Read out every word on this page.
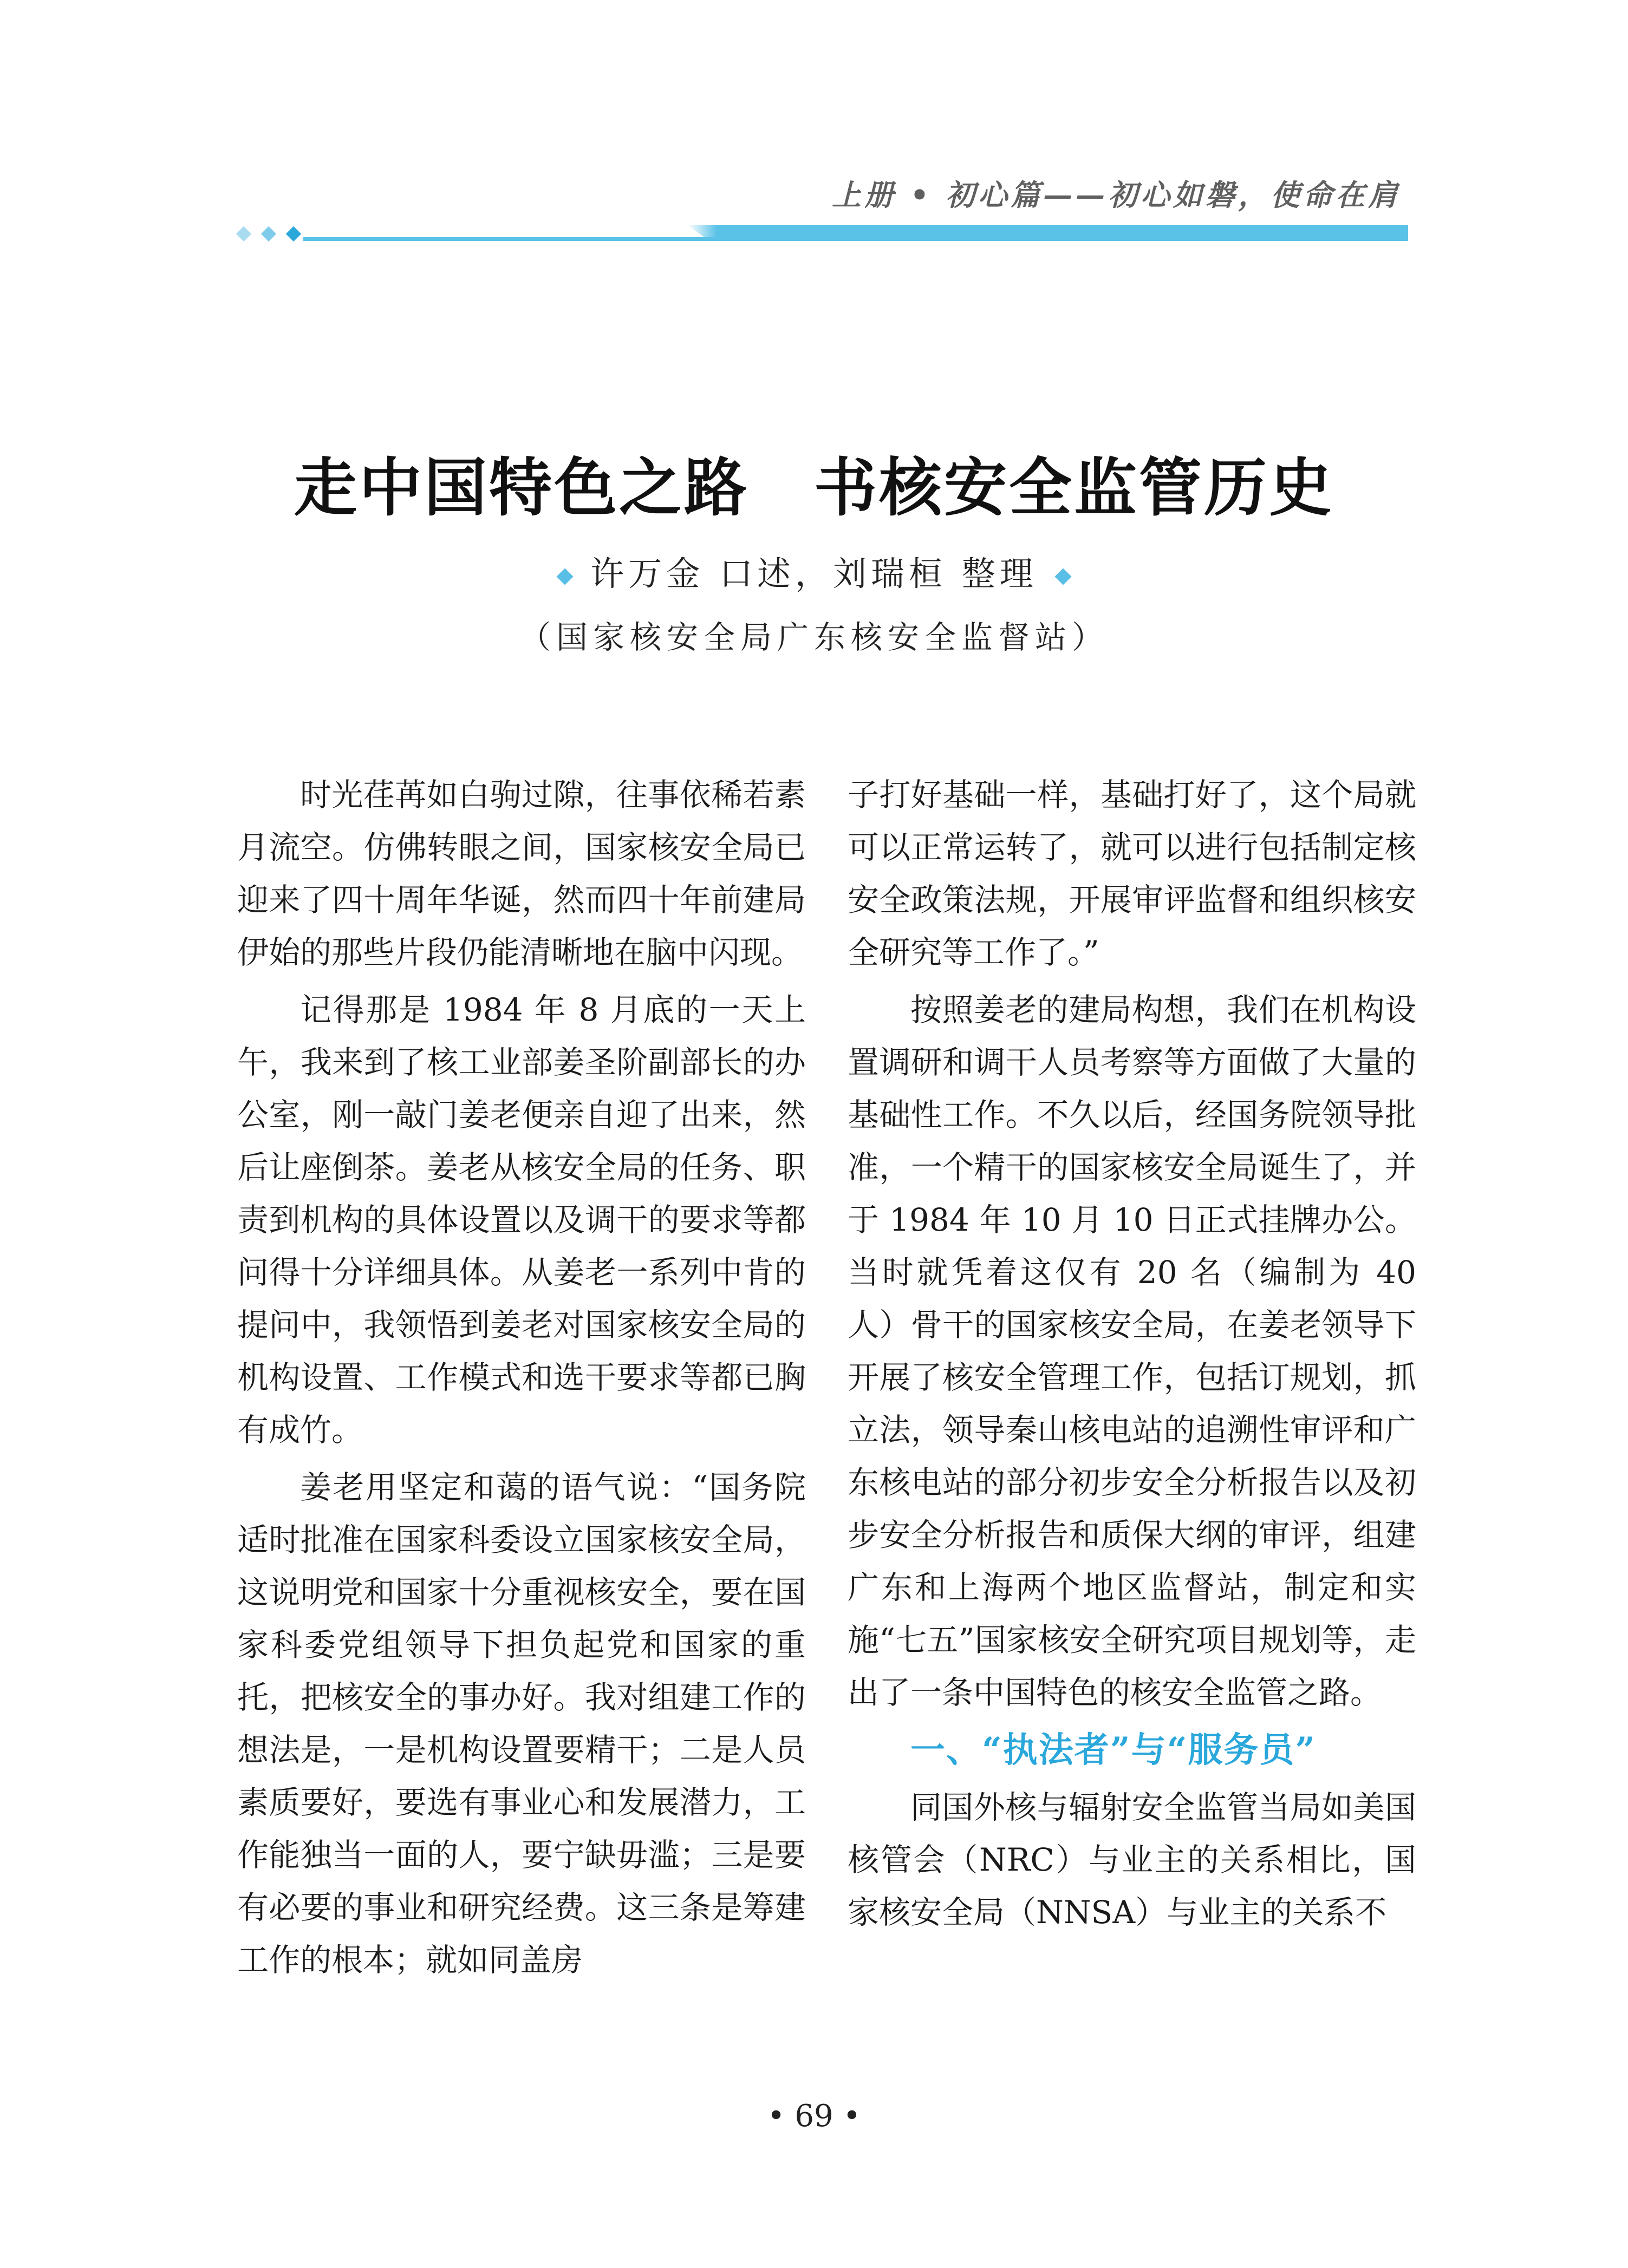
上册 • 初心篇——初心如磐，使命在肩
走中国特色之路　书核安全监管历史
许万金 口述，刘瑞桓 整理
（国家核安全局广东核安全监督站）

时光荏苒如白驹过隙，往事依稀若素月流空。仿佛转眼之间，国家核安全局已迎来了四十周年华诞，然而四十年前建局伊始的那些片段仍能清晰地在脑中闪现。

记得那是 1984 年 8 月底的一天上午，我来到了核工业部姜圣阶副部长的办公室，刚一敲门姜老便亲自迎了出来，然后让座倒茶。姜老从核安全局的任务、职责到机构的具体设置以及调干的要求等都问得十分详细具体。从姜老一系列中肯的提问中，我领悟到姜老对国家核安全局的机构设置、工作模式和选干要求等都已胸有成竹。

姜老用坚定和蔼的语气说：“国务院适时批准在国家科委设立国家核安全局，这说明党和国家十分重视核安全，要在国家科委党组领导下担负起党和国家的重托，把核安全的事办好。我对组建工作的想法是，一是机构设置要精干；二是人员素质要好，要选有事业心和发展潜力，工作能独当一面的人，要宁缺毋滥；三是要有必要的事业和研究经费。这三条是筹建工作的根本；就如同盖房

子打好基础一样，基础打好了，这个局就可以正常运转了，就可以进行包括制定核安全政策法规，开展审评监督和组织核安全研究等工作了。”

按照姜老的建局构想，我们在机构设置调研和调干人员考察等方面做了大量的基础性工作。不久以后，经国务院领导批准，一个精干的国家核安全局诞生了，并于 1984 年 10 月 10 日正式挂牌办公。当时就凭着这仅有 20 名（编制为 40 人）骨干的国家核安全局，在姜老领导下开展了核安全管理工作，包括订规划，抓立法，领导秦山核电站的追溯性审评和广东核电站的部分初步安全分析报告以及初步安全分析报告和质保大纲的审评，组建广东和上海两个地区监督站，制定和实施“七五”国家核安全研究项目规划等，走出了一条中国特色的核安全监管之路。

一、“执法者”与“服务员”

同国外核与辐射安全监管当局如美国核管会（NRC）与业主的关系相比，国家核安全局（NNSA）与业主的关系不

• 69 •
